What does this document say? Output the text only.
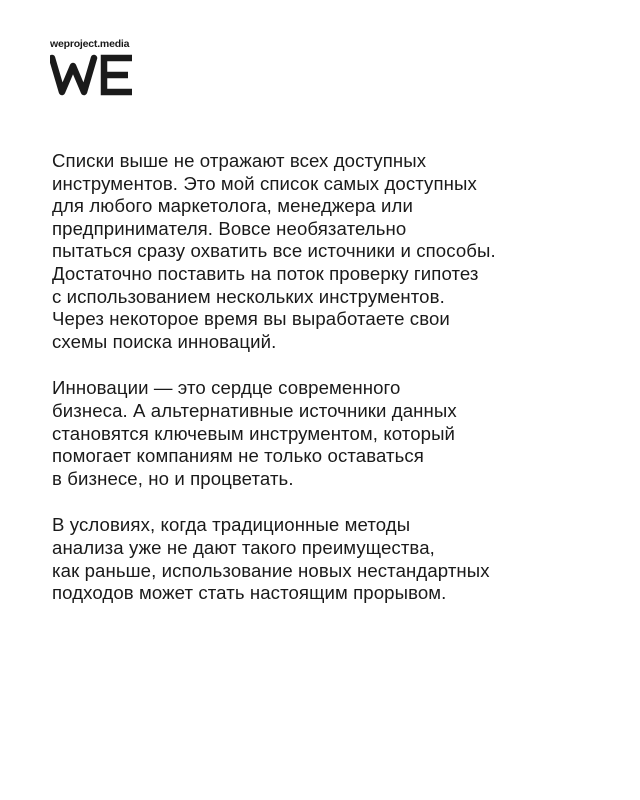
weproject.media

Списки выше не отражают всех доступных
инструментов. Это мой список самых доступных
для любого маркетолога, менеджера или
предпринимателя. Вовсе необязательно
пытаться сразу охватить все источники и способы.
Достаточно поставить на поток проверку гипотез
с использованием нескольких инструментов.
Через некоторое время вы выработаете свои
схемы поиска инноваций.

Инновации — это сердце современного
бизнеса. А альтернативные источники данных
становятся ключевым инструментом, который
помогает компаниям не только оставаться
в бизнесе, но и процветать.

В условиях, когда традиционные методы
анализа уже не дают такого преимущества,
как раньше, использование новых нестандартных
подходов может стать настоящим прорывом.
